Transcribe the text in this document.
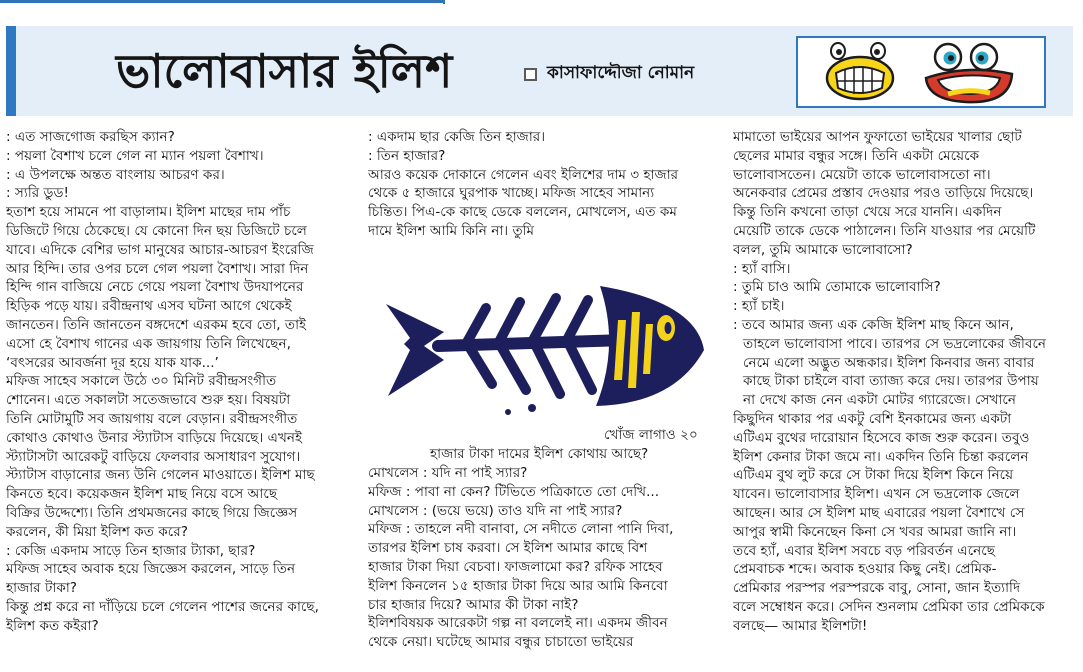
ভালোবাসার ইলিশ	কাসাফাদ্দৌজা নোমান

: এত সাজগোজ করছিস ক্যান?

: পয়লা বৈশাখ চলে গেল না ম্যান পয়লা বৈশাখ।

: এ উপলক্ষে অন্তত বাংলায় আচরণ কর।

: স্যরি ডুড!

হতাশ হয়ে সামনে পা বাড়ালাম। ইলিশ মাছের দাম পাঁচ

ডিজিটে গিয়ে ঠেকেছে। যে কোনো দিন ছয় ডিজিটে চলে

যাবে। এদিকে বেশির ভাগ মানুষের আচার-আচরণ ইংরেজি

আর হিন্দি। তার ওপর চলে গেল পয়লা বৈশাখ। সারা দিন

হিন্দি গান বাজিয়ে নেচে গেয়ে পয়লা বৈশাখ উদযাপনের

হিড়িক পড়ে যায়। রবীন্দ্রনাথ এসব ঘটনা আগে থেকেই

জানতেন। তিনি জানতেন বঙ্গদেশে এরকম হবে তো, তাই

এসো হে বৈশাখ গানের এক জায়গায় তিনি লিখেছেন,

‘বৎসরের আবর্জনা দূর হয়ে যাক যাক...’

মফিজ সাহেব সকালে উঠে ৩০ মিনিট রবীন্দ্রসংগীত

শোনেন। এতে সকালটা সতেজভাবে শুরু হয়। বিষয়টা

তিনি মোটামুটি সব জায়গায় বলে বেড়ান। রবীন্দ্রসংগীত

কোথাও কোথাও উনার স্ট্যাটাস বাড়িয়ে দিয়েছে। এখনই

স্ট্যাটাসটা আরেকটু বাড়িয়ে ফেলবার অসাধারণ সুযোগ।

স্ট্যাটাস বাড়ানোর জন্য উনি গেলেন মাওয়াতে। ইলিশ মাছ

কিনতে হবে। কয়েকজন ইলিশ মাছ নিয়ে বসে আছে

বিক্রির উদ্দেশ্যে। তিনি প্রথমজনের কাছে গিয়ে জিজ্ঞেস

করলেন, কী মিয়া ইলিশ কত করে?

: কেজি একদাম সাড়ে তিন হাজার ট্যাকা, ছার?

মফিজ সাহেব অবাক হয়ে জিজ্ঞেস করলেন, সাড়ে তিন

হাজার টাকা?

কিন্তু প্রশ্ন করে না দাঁড়িয়ে চলে গেলেন পাশের জনের কাছে,

ইলিশ কত কইরা?

: একদাম ছার কেজি তিন হাজার।

: তিন হাজার?

আরও কয়েক দোকানে গেলেন এবং ইলিশের দাম ৩ হাজার

থেকে ৫ হাজারে ঘুরপাক খাচ্ছে। মফিজ সাহেব সামান্য

চিন্তিত। পিএ-কে কাছে ডেকে বললেন, মোখলেস, এত কম

দামে ইলিশ আমি কিনি না। তুমি

খোঁজ লাগাও ২০

হাজার টাকা দামের ইলিশ কোথায় আছে?

মোখলেস : যদি না পাই স্যার?

মফিজ : পাবা না কেন? টিভিতে পত্রিকাতে তো দেখি...

মোখলেস : (ভয়ে ভয়ে) তাও যদি না পাই স্যার?

মফিজ : তাহলে নদী বানাবা, সে নদীতে লোনা পানি দিবা,

তারপর ইলিশ চাষ করবা। সে ইলিশ আমার কাছে বিশ

হাজার টাকা দিয়া বেচবা। ফাজলামো কর? রফিক সাহেব

ইলিশ কিনলেন ১৫ হাজার টাকা দিয়ে আর আমি কিনবো

চার হাজার দিয়ে? আমার কী টাকা নাই?

ইলিশবিষয়ক আরেকটা গল্প না বললেই না। একদম জীবন

থেকে নেয়া। ঘটেছে আমার বন্ধুর চাচাতো ভাইয়ের

মামাতো ভাইয়ের আপন ফুফাতো ভাইয়ের খালার ছোট

ছেলের মামার বন্ধুর সঙ্গে। তিনি একটা মেয়েকে

ভালোবাসতেন। মেয়েটা তাকে ভালোবাসতো না।

অনেকবার প্রেমের প্রস্তাব দেওয়ার পরও তাড়িয়ে দিয়েছে।

কিন্তু তিনি কখনো তাড়া খেয়ে সরে যাননি। একদিন

মেয়েটি তাকে ডেকে পাঠালেন। তিনি যাওয়ার পর মেয়েটি

বলল, তুমি আমাকে ভালোবাসো?

: হ্যাঁ বাসি।

: তুমি চাও আমি তোমাকে ভালোবাসি?

: হ্যাঁ চাই।

: তবে আমার জন্য এক কেজি ইলিশ মাছ কিনে আন,

তাহলে ভালোবাসা পাবে। তারপর সে ভদ্রলোকের জীবনে

নেমে এলো অদ্ভুত অন্ধকার। ইলিশ কিনবার জন্য বাবার

কাছে টাকা চাইলে বাবা ত্যাজ্য করে দেয়। তারপর উপায়

না দেখে কাজ নেন একটা মোটর গ্যারেজে। সেখানে

কিছুদিন থাকার পর একটু বেশি ইনকামের জন্য একটা

এটিএম বুথের দারোয়ান হিসেবে কাজ শুরু করেন। তবুও

ইলিশ কেনার টাকা জমে না। একদিন তিনি চিন্তা করলেন

এটিএম বুথ লুট করে সে টাকা দিয়ে ইলিশ কিনে নিয়ে

যাবেন। ভালোবাসার ইলিশ। এখন সে ভদ্রলোক জেলে

আছেন। আর সে ইলিশ মাছ এবারের পয়লা বৈশাখে সে

আপুর স্বামী কিনেছেন কিনা সে খবর আমরা জানি না।

তবে হ্যাঁ, এবার ইলিশ সবচে বড় পরিবর্তন এনেছে

প্রেমবাচক শব্দে। অবাক হওয়ার কিছু নেই। প্রেমিক-

প্রেমিকার পরস্পর পরস্পরকে বাবু, সোনা, জান ইত্যাদি

বলে সম্বোধন করে। সেদিন শুনলাম প্রেমিকা তার প্রেমিককে

বলছে— আমার ইলিশটা!
